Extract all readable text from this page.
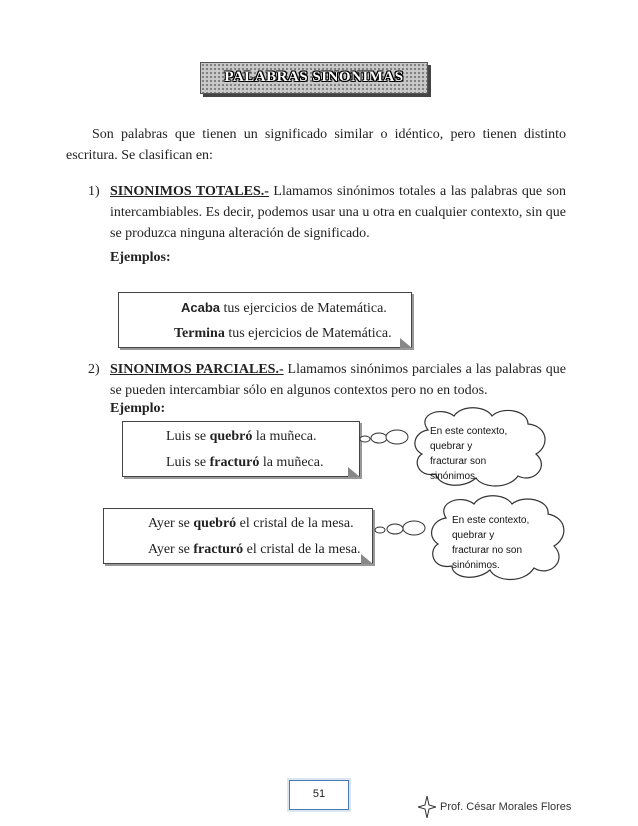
PALABRAS SINONIMAS
Son palabras que tienen un significado similar o idéntico, pero tienen distinto escritura. Se clasifican en:
1) SINONIMOS TOTALES.- Llamamos sinónimos totales a las palabras que son intercambiables. Es decir, podemos usar una u otra en cualquier contexto, sin que se produzca ninguna alteración de significado.
Ejemplos:
Acaba tus ejercicios de Matemática.
Termina tus ejercicios de Matemática.
2) SINONIMOS PARCIALES.- Llamamos sinónimos parciales a las palabras que se pueden intercambiar sólo en algunos contextos pero no en todos.
Ejemplo:
Luis se quebró la muñeca.
Luis se fracturó la muñeca.
En este contexto,
quebrar y
fracturar son
sinónimos.
Ayer se quebró el cristal de la mesa.
Ayer se fracturó el cristal de la mesa.
En este contexto,
quebrar y
fracturar no son
sinónimos.
51
Prof. César Morales Flores
